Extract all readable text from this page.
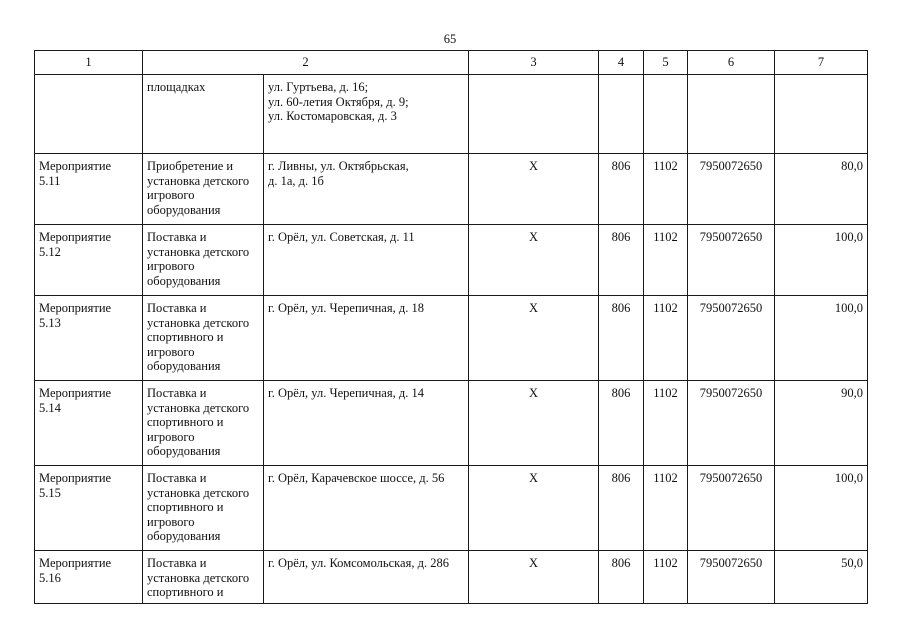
65
1	2		3	4	5	6	7

	площадках	ул. Гуртьева, д. 16;
ул. 60-летия Октября, д. 9;
ул. Костомаровская, д. 3					

Мероприятие
5.11	Приобретение и
установка детского
игрового
оборудования	г. Ливны, ул. Октябрьская,
д. 1а, д. 1б	Х	806	1102	7950072650	80,0

Мероприятие
5.12	Поставка и
установка детского
игрового
оборудования	г. Орёл, ул. Советская, д. 11	Х	806	1102	7950072650	100,0

Мероприятие
5.13	Поставка и
установка детского
спортивного и
игрового
оборудования	г. Орёл, ул. Черепичная, д. 18	Х	806	1102	7950072650	100,0

Мероприятие
5.14	Поставка и
установка детского
спортивного и
игрового
оборудования	г. Орёл, ул. Черепичная, д. 14	Х	806	1102	7950072650	90,0

Мероприятие
5.15	Поставка и
установка детского
спортивного и
игрового
оборудования	г. Орёл, Карачевское шоссе, д. 56	Х	806	1102	7950072650	100,0

Мероприятие
5.16	Поставка и
установка детского
спортивного и	г. Орёл, ул. Комсомольская, д. 286	Х	806	1102	7950072650	50,0
